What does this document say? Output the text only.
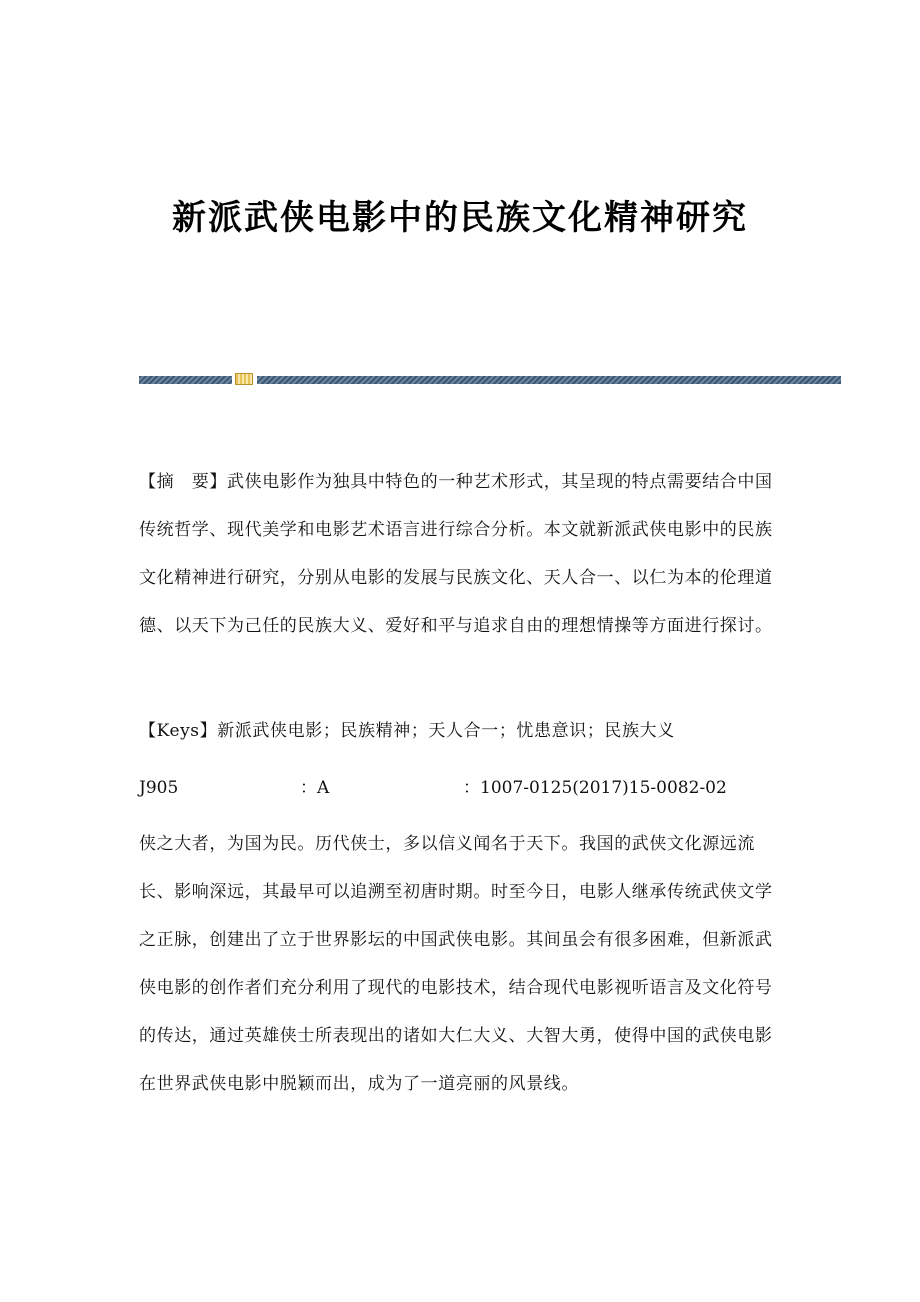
新派武侠电影中的民族文化精神研究

【摘　要】武侠电影作为独具中特色的一种艺术形式，其呈现的特点需要结合中国传统哲学、现代美学和电影艺术语言进行综合分析。本文就新派武侠电影中的民族文化精神进行研究，分别从电影的发展与民族文化、天人合一、以仁为本的伦理道德、以天下为己任的民族大义、爱好和平与追求自由的理想情操等方面进行探讨。

【Keys】新派武侠电影；民族精神；天人合一；忧患意识；民族大义

J905	：A	：1007-0125(2017)15-0082-02

侠之大者，为国为民。历代侠士，多以信义闻名于天下。我国的武侠文化源远流长、影响深远，其最早可以追溯至初唐时期。时至今日，电影人继承传统武侠文学之正脉，创建出了立于世界影坛的中国武侠电影。其间虽会有很多困难，但新派武侠电影的创作者们充分利用了现代的电影技术，结合现代电影视听语言及文化符号的传达，通过英雄侠士所表现出的诸如大仁大义、大智大勇，使得中国的武侠电影在世界武侠电影中脱颖而出，成为了一道亮丽的风景线。
